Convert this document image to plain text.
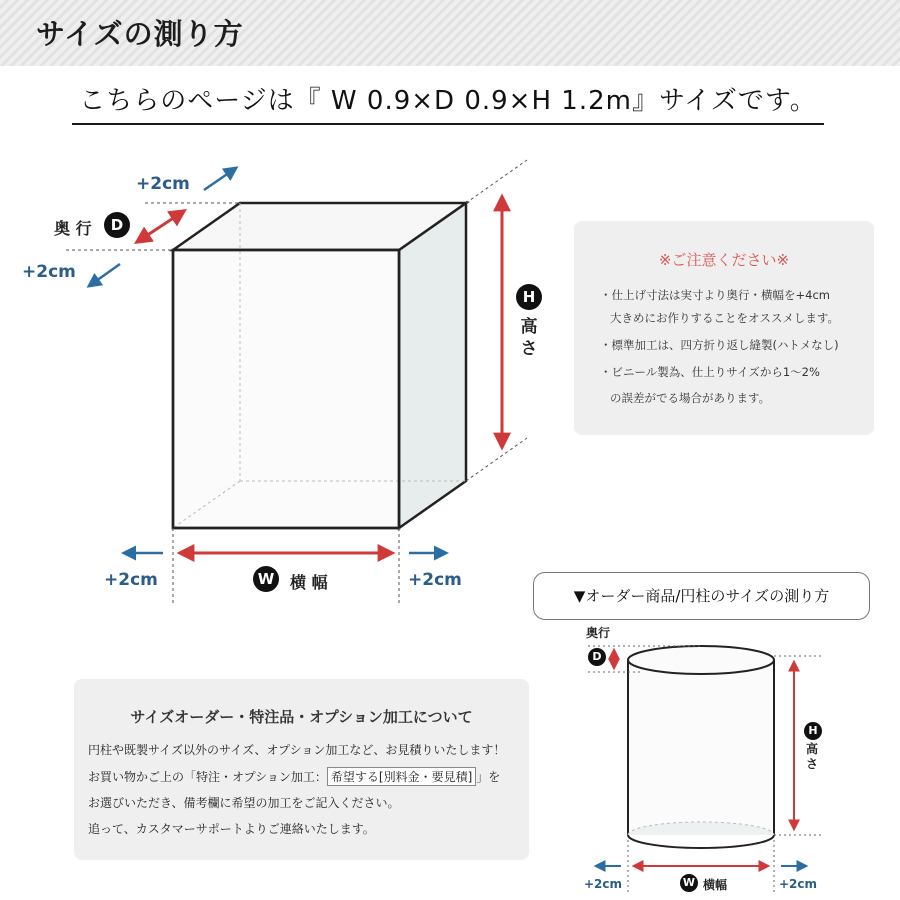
サイズの測り方
こちらのページは『 W 0.9×D 0.9×H 1.2m』サイズです。
+2cm
+2cm
奥 行	D
H
高さ
W 横 幅
+2cm	+2cm
※ご注意ください※
・仕上げ寸法は実寸より奥行・横幅を+4cm
大きめにお作りすることをオススメします。
・標準加工は、四方折り返し縫製(ハトメなし)
・ビニール製為、仕上りサイズから1〜2%
の誤差がでる場合があります。
▼オーダー商品/円柱のサイズの測り方
奥行
D
H
高さ
W 横幅
+2cm	+2cm
サイズオーダー・特注品・オプション加工について
円柱や既製サイズ以外のサイズ、オプション加工など、お見積りいたします！
お買い物かご上の「特注・オプション加工： 希望する[別料金・要見積] 」を
お選びいただき、備考欄に希望の加工をご記入ください。
追って、カスタマーサポートよりご連絡いたします。
